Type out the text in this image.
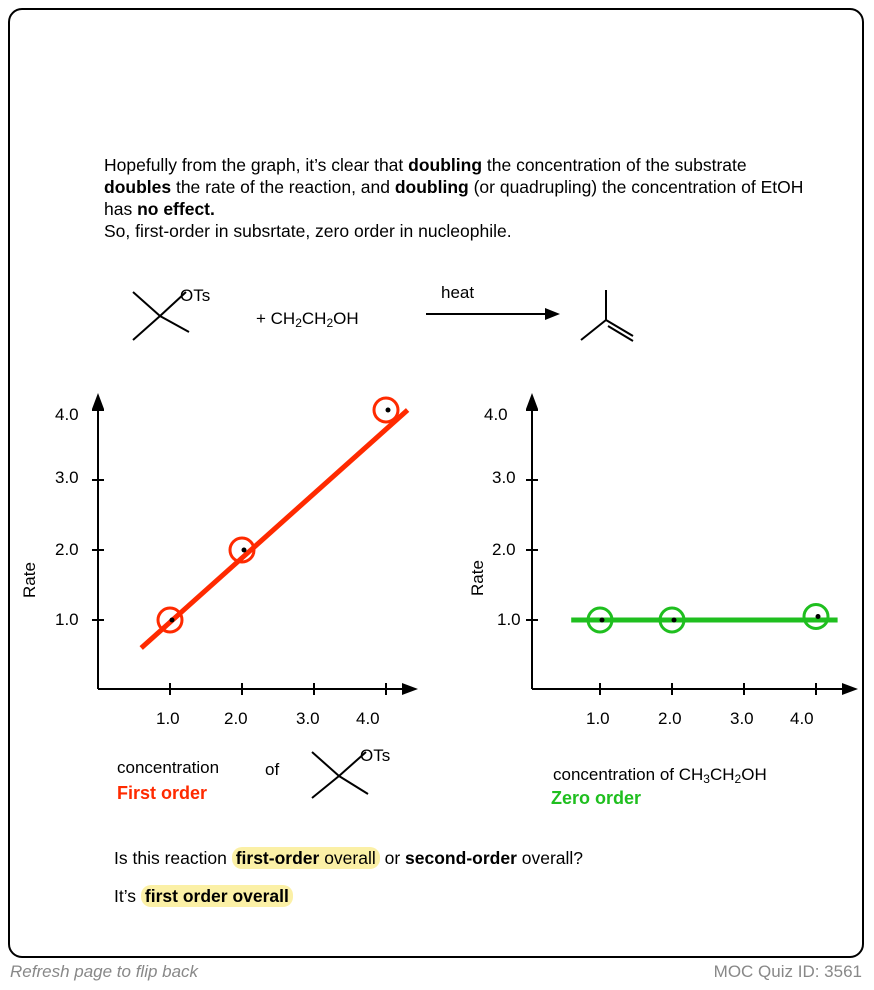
Hopefully from the graph, it’s clear that doubling the concentration of the substrate doubles the rate of the reaction, and doubling (or quadrupling) the concentration of EtOH has no effect.
So, first-order in subsrtate, zero order in nucleophile.
OTs
+ $CH_2CH_2OH$
heat
Rate
4.0
3.0
2.0
1.0
1.0	2.0	3.0 4.0
concentration	of
OTs
First order
Rate
4.0
3.0
2.0
1.0
1.0	2.0	3.0 4.0
concentration of $CH_3CH_2OH$
Zero order
Is this reaction first-order overall or second-order overall?
It’s first order overall
Refresh page to flip back	MOC Quiz ID: 3561
